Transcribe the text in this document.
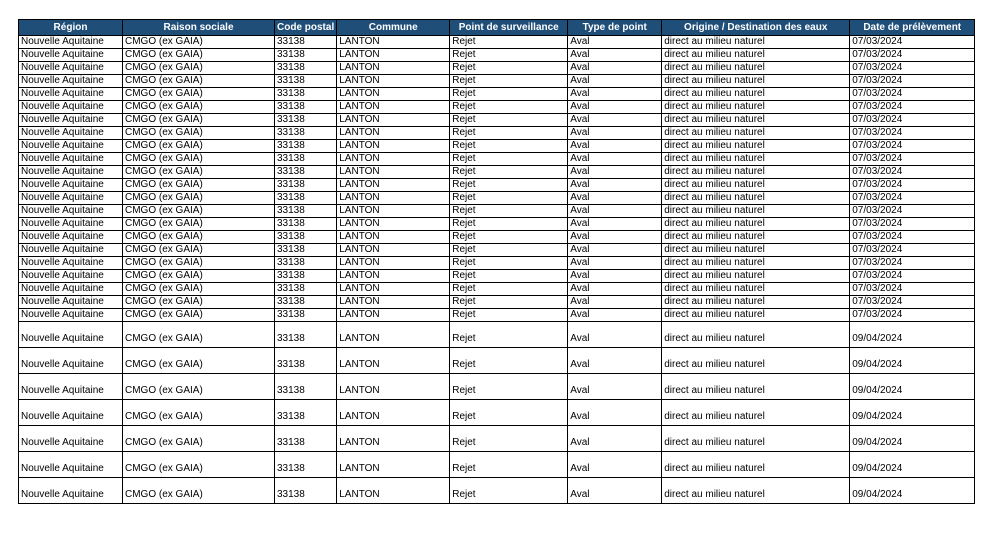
Région	Raison sociale	Code postal	Commune	Point de surveillance	Type de point	Origine / Destination des eaux	Date de prélèvement
Nouvelle Aquitaine	CMGO (ex GAIA)	33138	LANTON	Rejet	Aval	direct au milieu naturel	07/03/2024
Nouvelle Aquitaine	CMGO (ex GAIA)	33138	LANTON	Rejet	Aval	direct au milieu naturel	07/03/2024
Nouvelle Aquitaine	CMGO (ex GAIA)	33138	LANTON	Rejet	Aval	direct au milieu naturel	07/03/2024
Nouvelle Aquitaine	CMGO (ex GAIA)	33138	LANTON	Rejet	Aval	direct au milieu naturel	07/03/2024
Nouvelle Aquitaine	CMGO (ex GAIA)	33138	LANTON	Rejet	Aval	direct au milieu naturel	07/03/2024
Nouvelle Aquitaine	CMGO (ex GAIA)	33138	LANTON	Rejet	Aval	direct au milieu naturel	07/03/2024
Nouvelle Aquitaine	CMGO (ex GAIA)	33138	LANTON	Rejet	Aval	direct au milieu naturel	07/03/2024
Nouvelle Aquitaine	CMGO (ex GAIA)	33138	LANTON	Rejet	Aval	direct au milieu naturel	07/03/2024
Nouvelle Aquitaine	CMGO (ex GAIA)	33138	LANTON	Rejet	Aval	direct au milieu naturel	07/03/2024
Nouvelle Aquitaine	CMGO (ex GAIA)	33138	LANTON	Rejet	Aval	direct au milieu naturel	07/03/2024
Nouvelle Aquitaine	CMGO (ex GAIA)	33138	LANTON	Rejet	Aval	direct au milieu naturel	07/03/2024
Nouvelle Aquitaine	CMGO (ex GAIA)	33138	LANTON	Rejet	Aval	direct au milieu naturel	07/03/2024
Nouvelle Aquitaine	CMGO (ex GAIA)	33138	LANTON	Rejet	Aval	direct au milieu naturel	07/03/2024
Nouvelle Aquitaine	CMGO (ex GAIA)	33138	LANTON	Rejet	Aval	direct au milieu naturel	07/03/2024
Nouvelle Aquitaine	CMGO (ex GAIA)	33138	LANTON	Rejet	Aval	direct au milieu naturel	07/03/2024
Nouvelle Aquitaine	CMGO (ex GAIA)	33138	LANTON	Rejet	Aval	direct au milieu naturel	07/03/2024
Nouvelle Aquitaine	CMGO (ex GAIA)	33138	LANTON	Rejet	Aval	direct au milieu naturel	07/03/2024
Nouvelle Aquitaine	CMGO (ex GAIA)	33138	LANTON	Rejet	Aval	direct au milieu naturel	07/03/2024
Nouvelle Aquitaine	CMGO (ex GAIA)	33138	LANTON	Rejet	Aval	direct au milieu naturel	07/03/2024
Nouvelle Aquitaine	CMGO (ex GAIA)	33138	LANTON	Rejet	Aval	direct au milieu naturel	07/03/2024
Nouvelle Aquitaine	CMGO (ex GAIA)	33138	LANTON	Rejet	Aval	direct au milieu naturel	07/03/2024
Nouvelle Aquitaine	CMGO (ex GAIA)	33138	LANTON	Rejet	Aval	direct au milieu naturel	07/03/2024
Nouvelle Aquitaine	CMGO (ex GAIA)	33138	LANTON	Rejet	Aval	direct au milieu naturel	09/04/2024
Nouvelle Aquitaine	CMGO (ex GAIA)	33138	LANTON	Rejet	Aval	direct au milieu naturel	09/04/2024
Nouvelle Aquitaine	CMGO (ex GAIA)	33138	LANTON	Rejet	Aval	direct au milieu naturel	09/04/2024
Nouvelle Aquitaine	CMGO (ex GAIA)	33138	LANTON	Rejet	Aval	direct au milieu naturel	09/04/2024
Nouvelle Aquitaine	CMGO (ex GAIA)	33138	LANTON	Rejet	Aval	direct au milieu naturel	09/04/2024
Nouvelle Aquitaine	CMGO (ex GAIA)	33138	LANTON	Rejet	Aval	direct au milieu naturel	09/04/2024
Nouvelle Aquitaine	CMGO (ex GAIA)	33138	LANTON	Rejet	Aval	direct au milieu naturel	09/04/2024
